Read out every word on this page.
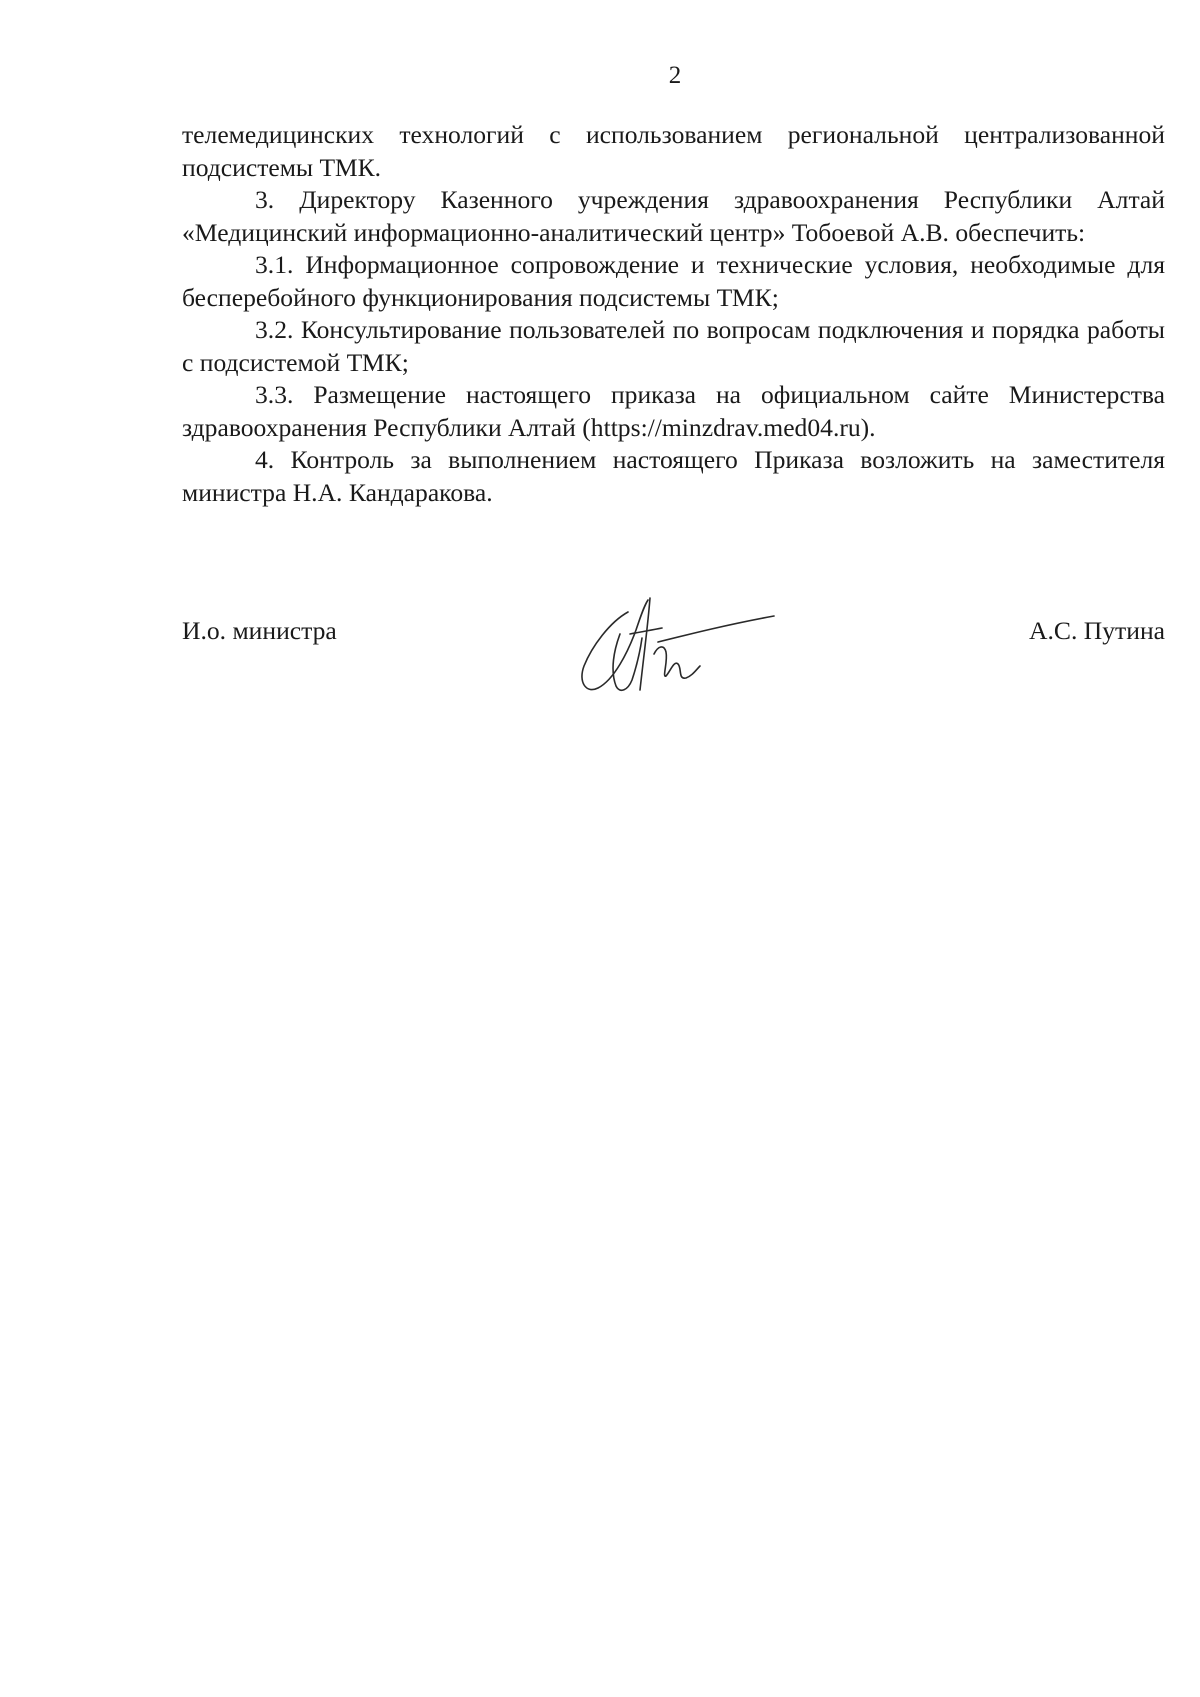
2

телемедицинских технологий с использованием региональной централизованной подсистемы ТМК.

3. Директору Казенного учреждения здравоохранения Республики Алтай «Медицинский информационно-аналитический центр» Тобоевой А.В. обеспечить:

3.1. Информационное сопровождение и технические условия, необходимые для бесперебойного функционирования подсистемы ТМК;

3.2. Консультирование пользователей по вопросам подключения и порядка работы с подсистемой ТМК;

3.3. Размещение настоящего приказа на официальном сайте Министерства здравоохранения Республики Алтай (https://minzdrav.med04.ru).

4. Контроль за выполнением настоящего Приказа возложить на заместителя министра Н.А. Кандаракова.

И.о. министра	А.С. Путина
